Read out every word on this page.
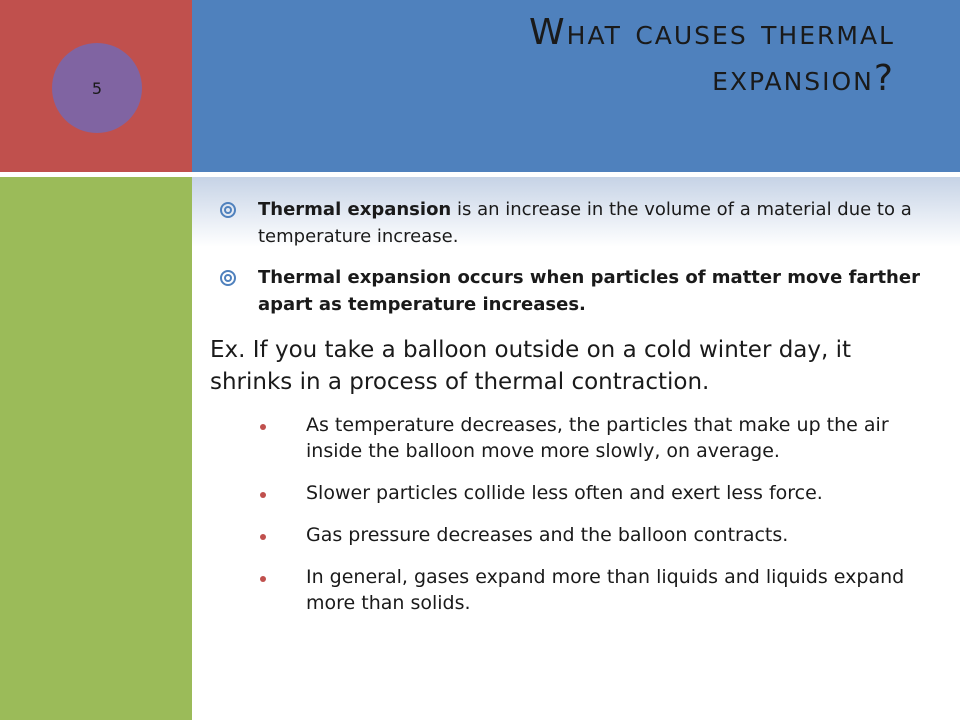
5
What causes thermal
expansion?
Thermal expansion is an increase in the volume of a material due to a temperature increase.
Thermal expansion occurs when particles of matter move farther apart as temperature increases.
Ex. If you take a balloon outside on a cold winter day, it shrinks in a process of thermal contraction.
As temperature decreases, the particles that make up the air inside the balloon move more slowly, on average.
Slower particles collide less often and exert less force.
Gas pressure decreases and the balloon contracts.
In general, gases expand more than liquids and liquids expand more than solids.
